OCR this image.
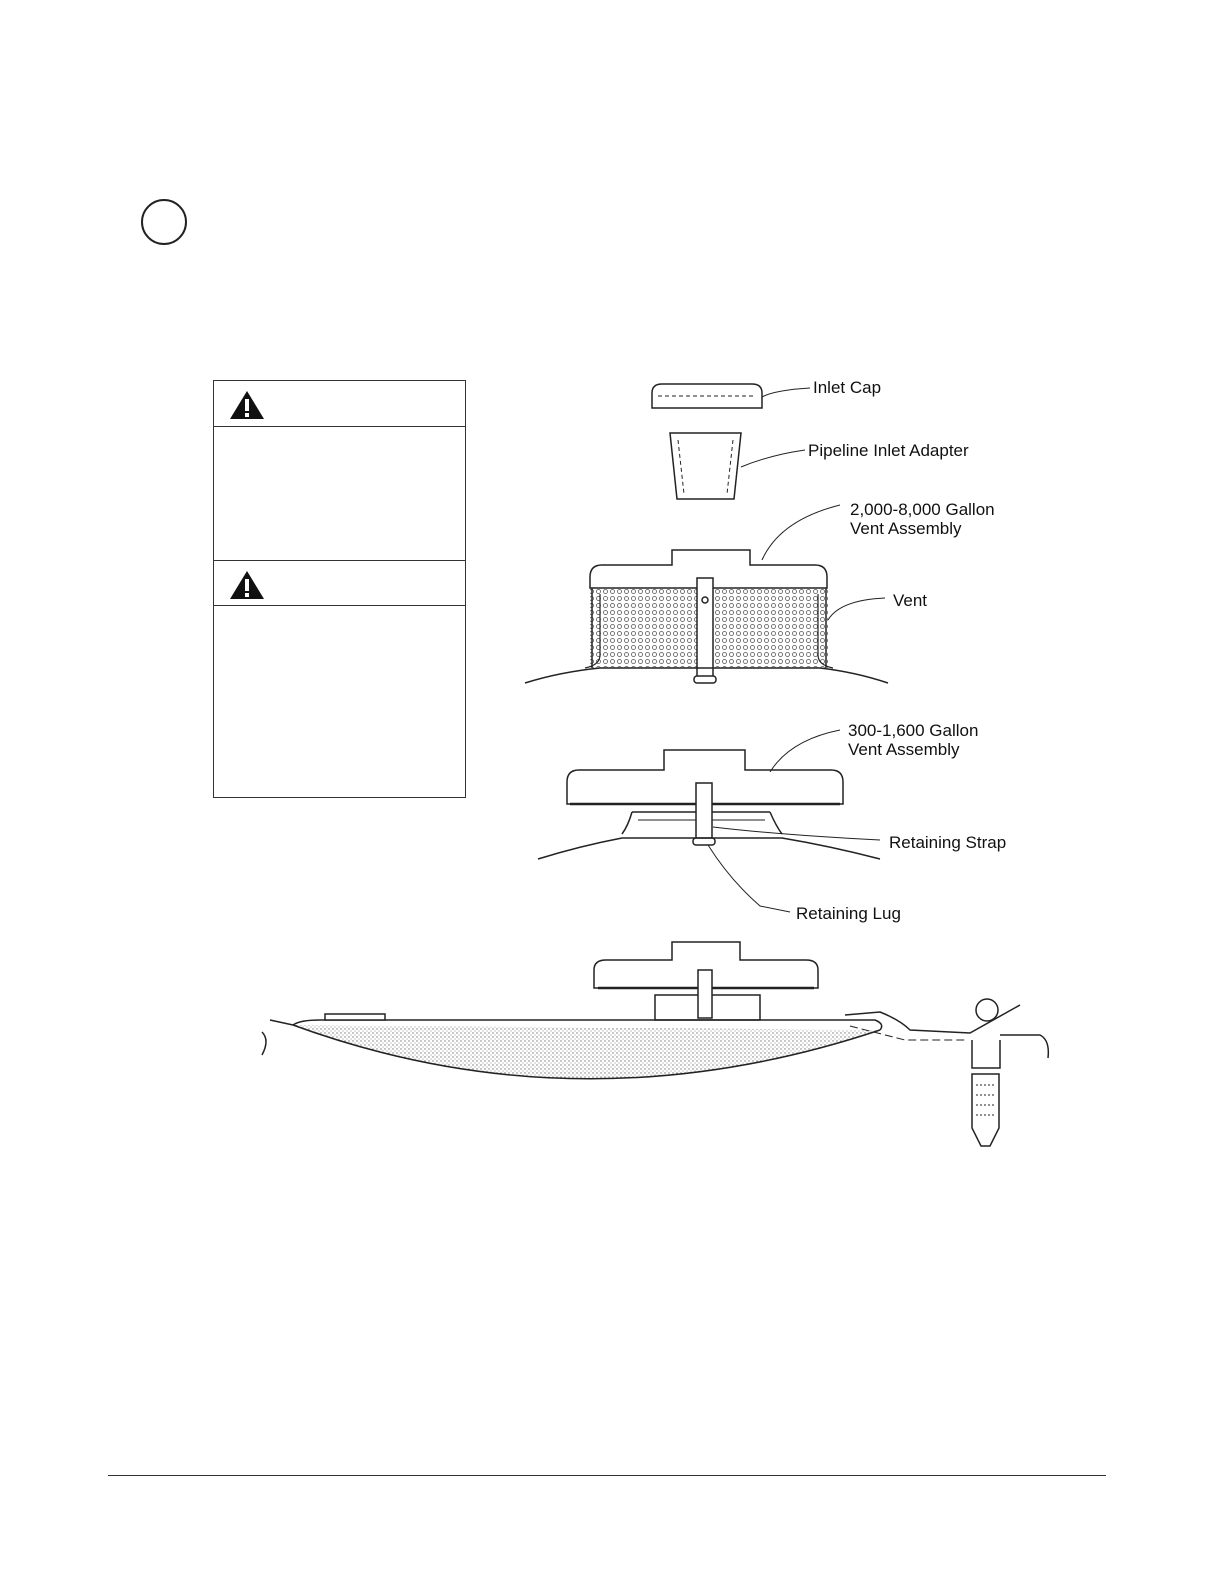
Inlet Cap
Pipeline Inlet Adapter
2,000-8,000 Gallon
Vent Assembly
Vent
300-1,600 Gallon
Vent Assembly
Retaining Strap
Retaining Lug
